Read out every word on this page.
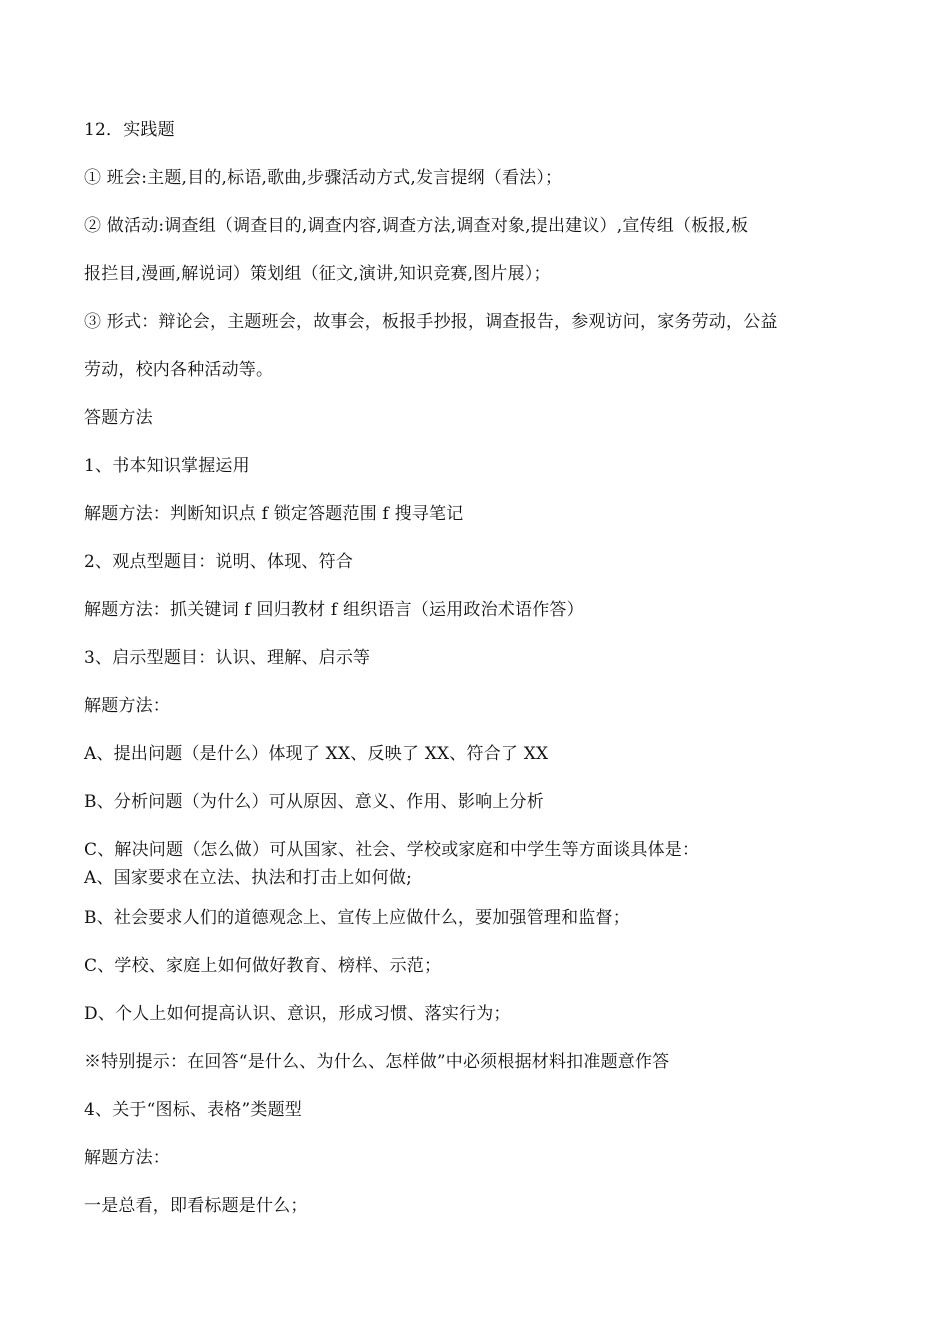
12．实践题
① 班会:主题,目的,标语,歌曲,步骤活动方式,发言提纲（看法）；
② 做活动:调查组（调查目的,调查内容,调查方法,调查对象,提出建议）,宣传组（板报,板
报拦目,漫画,解说词）策划组（征文,演讲,知识竞赛,图片展）；
③ 形式：辩论会，主题班会，故事会，板报手抄报，调查报告，参观访问，家务劳动，公益
劳动，校内各种活动等。
答题方法
1、书本知识掌握运用
解题方法：判断知识点 f 锁定答题范围 f 搜寻笔记
2、观点型题目：说明、体现、符合
解题方法：抓关键词 f 回归教材 f 组织语言（运用政治术语作答）
3、启示型题目：认识、理解、启示等
解题方法：
A、提出问题（是什么）体现了 XX、反映了 XX、符合了 XX
B、分析问题（为什么）可从原因、意义、作用、影响上分析
C、解决问题（怎么做）可从国家、社会、学校或家庭和中学生等方面谈具体是：
A、国家要求在立法、执法和打击上如何做;
B、社会要求人们的道德观念上、宣传上应做什么，要加强管理和监督；
C、学校、家庭上如何做好教育、榜样、示范；
D、个人上如何提高认识、意识，形成习惯、落实行为；
※特别提示：在回答“是什么、为什么、怎样做”中必须根据材料扣准题意作答
4、关于“图标、表格”类题型
解题方法：
一是总看，即看标题是什么；
